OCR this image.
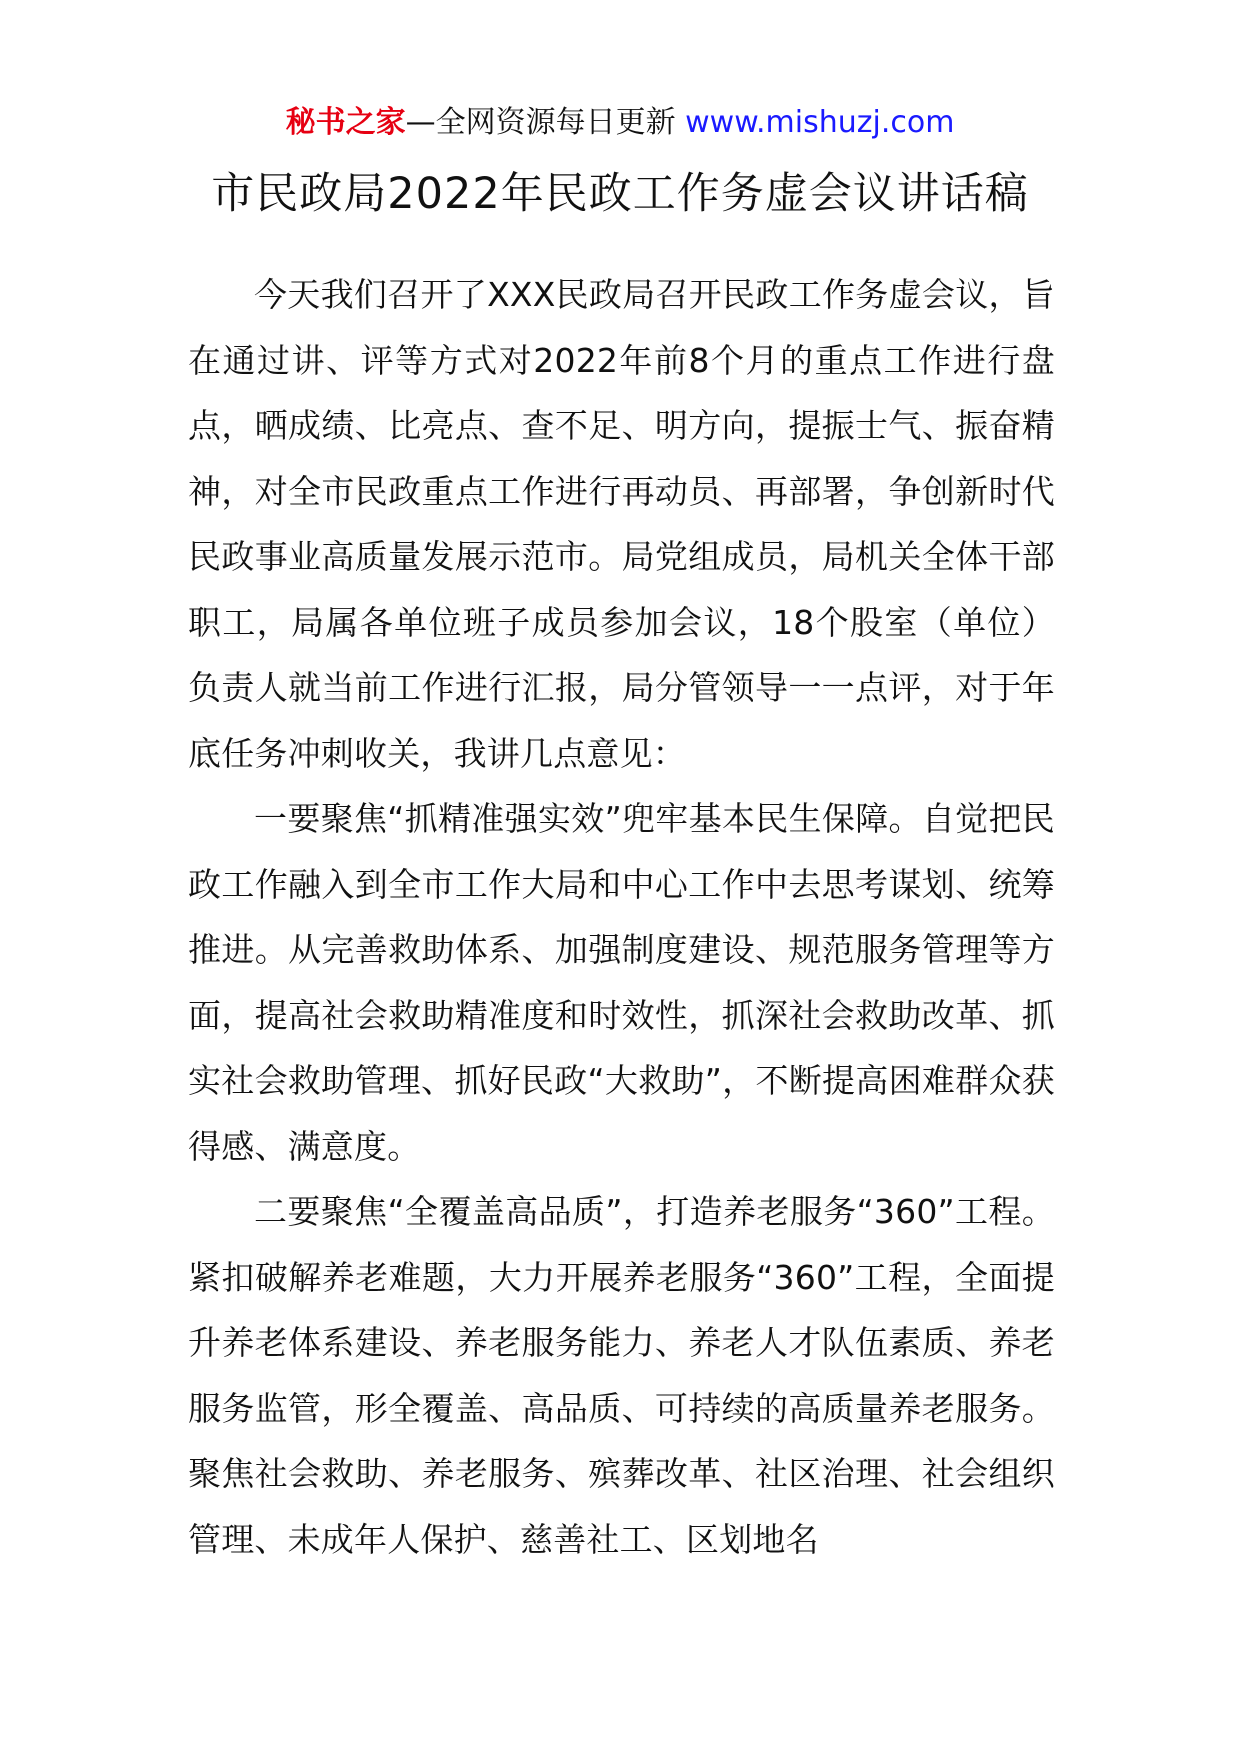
秘书之家—全网资源每日更新 www.mishuzj.com
市民政局2022年民政工作务虚会议讲话稿

今天我们召开了XXX民政局召开民政工作务虚会议，旨在通过讲、评等方式对2022年前8个月的重点工作进行盘点，晒成绩、比亮点、查不足、明方向，提振士气、振奋精神，对全市民政重点工作进行再动员、再部署，争创新时代民政事业高质量发展示范市。局党组成员，局机关全体干部职工，局属各单位班子成员参加会议，18个股室（单位）负责人就当前工作进行汇报，局分管领导一一点评，对于年底任务冲刺收关，我讲几点意见：

一要聚焦“抓精准强实效”兜牢基本民生保障。自觉把民政工作融入到全市工作大局和中心工作中去思考谋划、统筹推进。从完善救助体系、加强制度建设、规范服务管理等方面，提高社会救助精准度和时效性，抓深社会救助改革、抓实社会救助管理、抓好民政“大救助”，不断提高困难群众获得感、满意度。

二要聚焦“全覆盖高品质”，打造养老服务“360”工程。紧扣破解养老难题，大力开展养老服务“360”工程，全面提升养老体系建设、养老服务能力、养老人才队伍素质、养老服务监管，形全覆盖、高品质、可持续的高质量养老服务。聚焦社会救助、养老服务、殡葬改革、社区治理、社会组织管理、未成年人保护、慈善社工、区划地名
